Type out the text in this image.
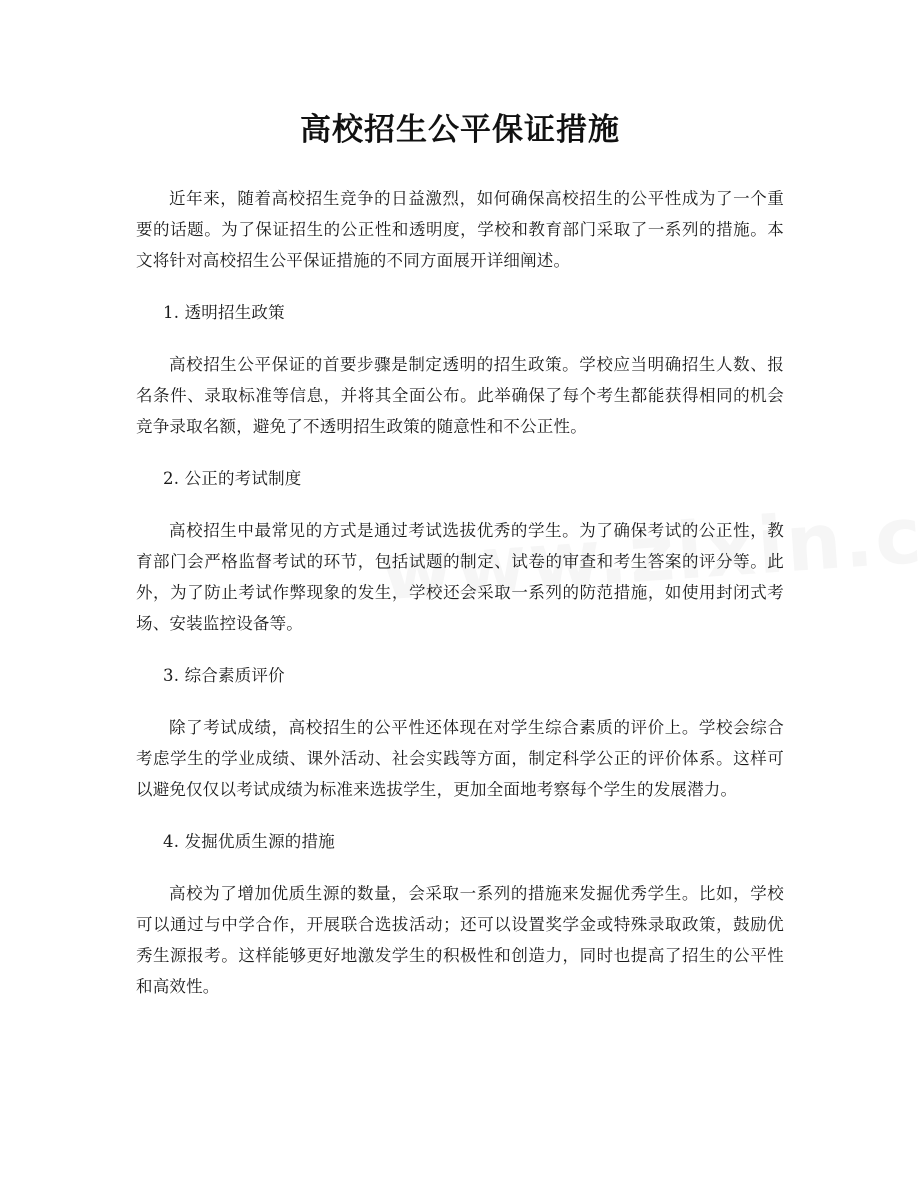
高校招生公平保证措施

近年来，随着高校招生竞争的日益激烈，如何确保高校招生的公平性成为了一个重要的话题。为了保证招生的公正性和透明度，学校和教育部门采取了一系列的措施。本文将针对高校招生公平保证措施的不同方面展开详细阐述。

1. 透明招生政策

高校招生公平保证的首要步骤是制定透明的招生政策。学校应当明确招生人数、报名条件、录取标准等信息，并将其全面公布。此举确保了每个考生都能获得相同的机会竞争录取名额，避免了不透明招生政策的随意性和不公正性。

2. 公正的考试制度

高校招生中最常见的方式是通过考试选拔优秀的学生。为了确保考试的公正性，教育部门会严格监督考试的环节，包括试题的制定、试卷的审查和考生答案的评分等。此外，为了防止考试作弊现象的发生，学校还会采取一系列的防范措施，如使用封闭式考场、安装监控设备等。

3. 综合素质评价

除了考试成绩，高校招生的公平性还体现在对学生综合素质的评价上。学校会综合考虑学生的学业成绩、课外活动、社会实践等方面，制定科学公正的评价体系。这样可以避免仅仅以考试成绩为标准来选拔学生，更加全面地考察每个学生的发展潜力。

4. 发掘优质生源的措施

高校为了增加优质生源的数量，会采取一系列的措施来发掘优秀学生。比如，学校可以通过与中学合作，开展联合选拔活动；还可以设置奖学金或特殊录取政策，鼓励优秀生源报考。这样能够更好地激发学生的积极性和创造力，同时也提高了招生的公平性和高效性。
